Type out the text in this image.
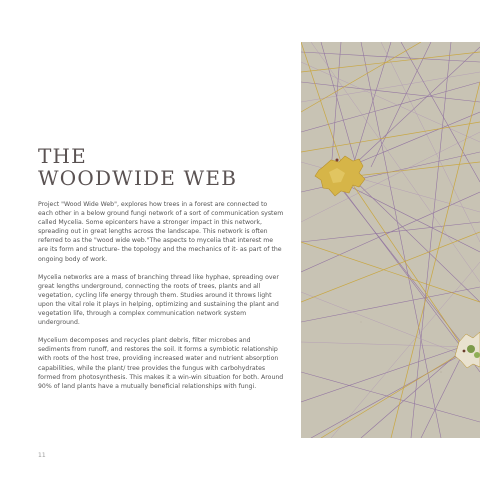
THE
WOODWIDE WEB

Project "Wood Wide Web", explores how trees in a forest are connected to each other in a below ground fungi network of a sort of communication system called Mycelia. Some epicenters have a stronger impact in this network, spreading out in great lengths across the landscape. This network is often referred to as the "wood wide web."The aspects to mycelia that interest me are its form and structure- the topology and the mechanics of it- as part of the ongoing body of work.

Mycelia networks are a mass of branching thread like hyphae, spreading over great lengths underground, connecting the roots of trees, plants and all vegetation, cycling life energy through them. Studies around it throws light upon the vital role it plays in helping, optimizing and sustaining the plant and vegetation life, through a complex communication network system underground.

Mycelium decomposes and recycles plant debris, filter microbes and sediments from runoff, and restores the soil. It forms a symbiotic relationship with roots of the host tree, providing increased water and nutrient absorption capabilities, while the plant/ tree provides the fungus with carbohydrates formed from photosynthesis. This makes it a win-win situation for both. Around 90% of land plants have a mutually beneficial relationships with fungi.

11
